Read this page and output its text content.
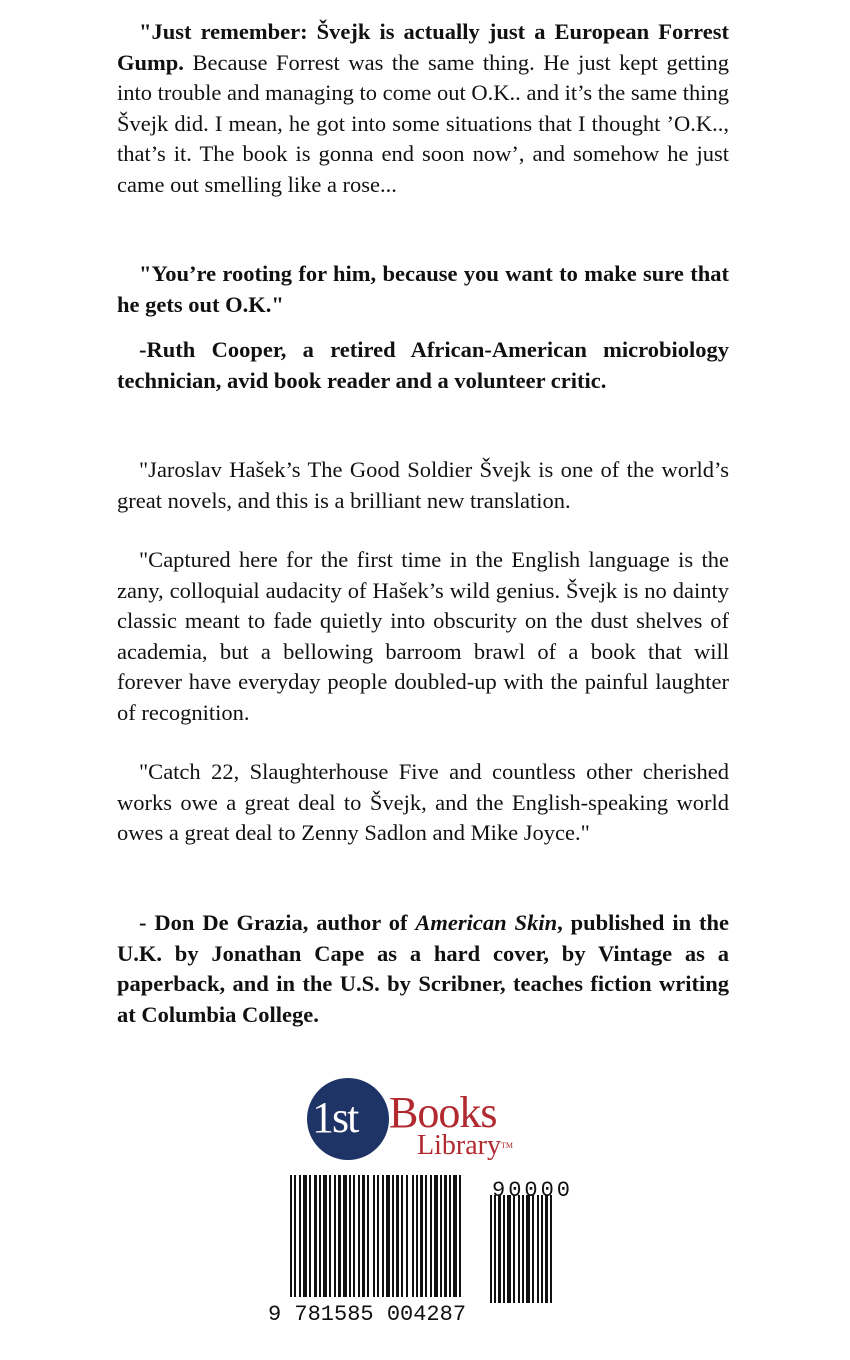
"Just remember: Švejk is actually just a European Forrest Gump. Because Forrest was the same thing. He just kept getting into trouble and managing to come out O.K.. and it’s the same thing Švejk did. I mean, he got into some situations that I thought ’O.K.., that’s it. The book is gonna end soon now’, and somehow he just came out smelling like a rose...

"You’re rooting for him, because you want to make sure that he gets out O.K."

-Ruth Cooper, a retired African-American microbiology technician, avid book reader and a volunteer critic.

"Jaroslav Hašek’s The Good Soldier Švejk is one of the world’s great novels, and this is a brilliant new translation.

"Captured here for the first time in the English language is the zany, colloquial audacity of Hašek’s wild genius. Švejk is no dainty classic meant to fade quietly into obscurity on the dust shelves of academia, but a bellowing barroom brawl of a book that will forever have everyday people doubled-up with the painful laughter of recognition.

"Catch 22, Slaughterhouse Five and countless other cherished works owe a great deal to Švejk, and the English-speaking world owes a great deal to Zenny Sadlon and Mike Joyce."

- Don De Grazia, author of American Skin, published in the U.K. by Jonathan Cape as a hard cover, by Vintage as a paperback, and in the U.S. by Scribner, teaches fiction writing at Columbia College.

1st Books
Library™
90000
9 781585 004287
